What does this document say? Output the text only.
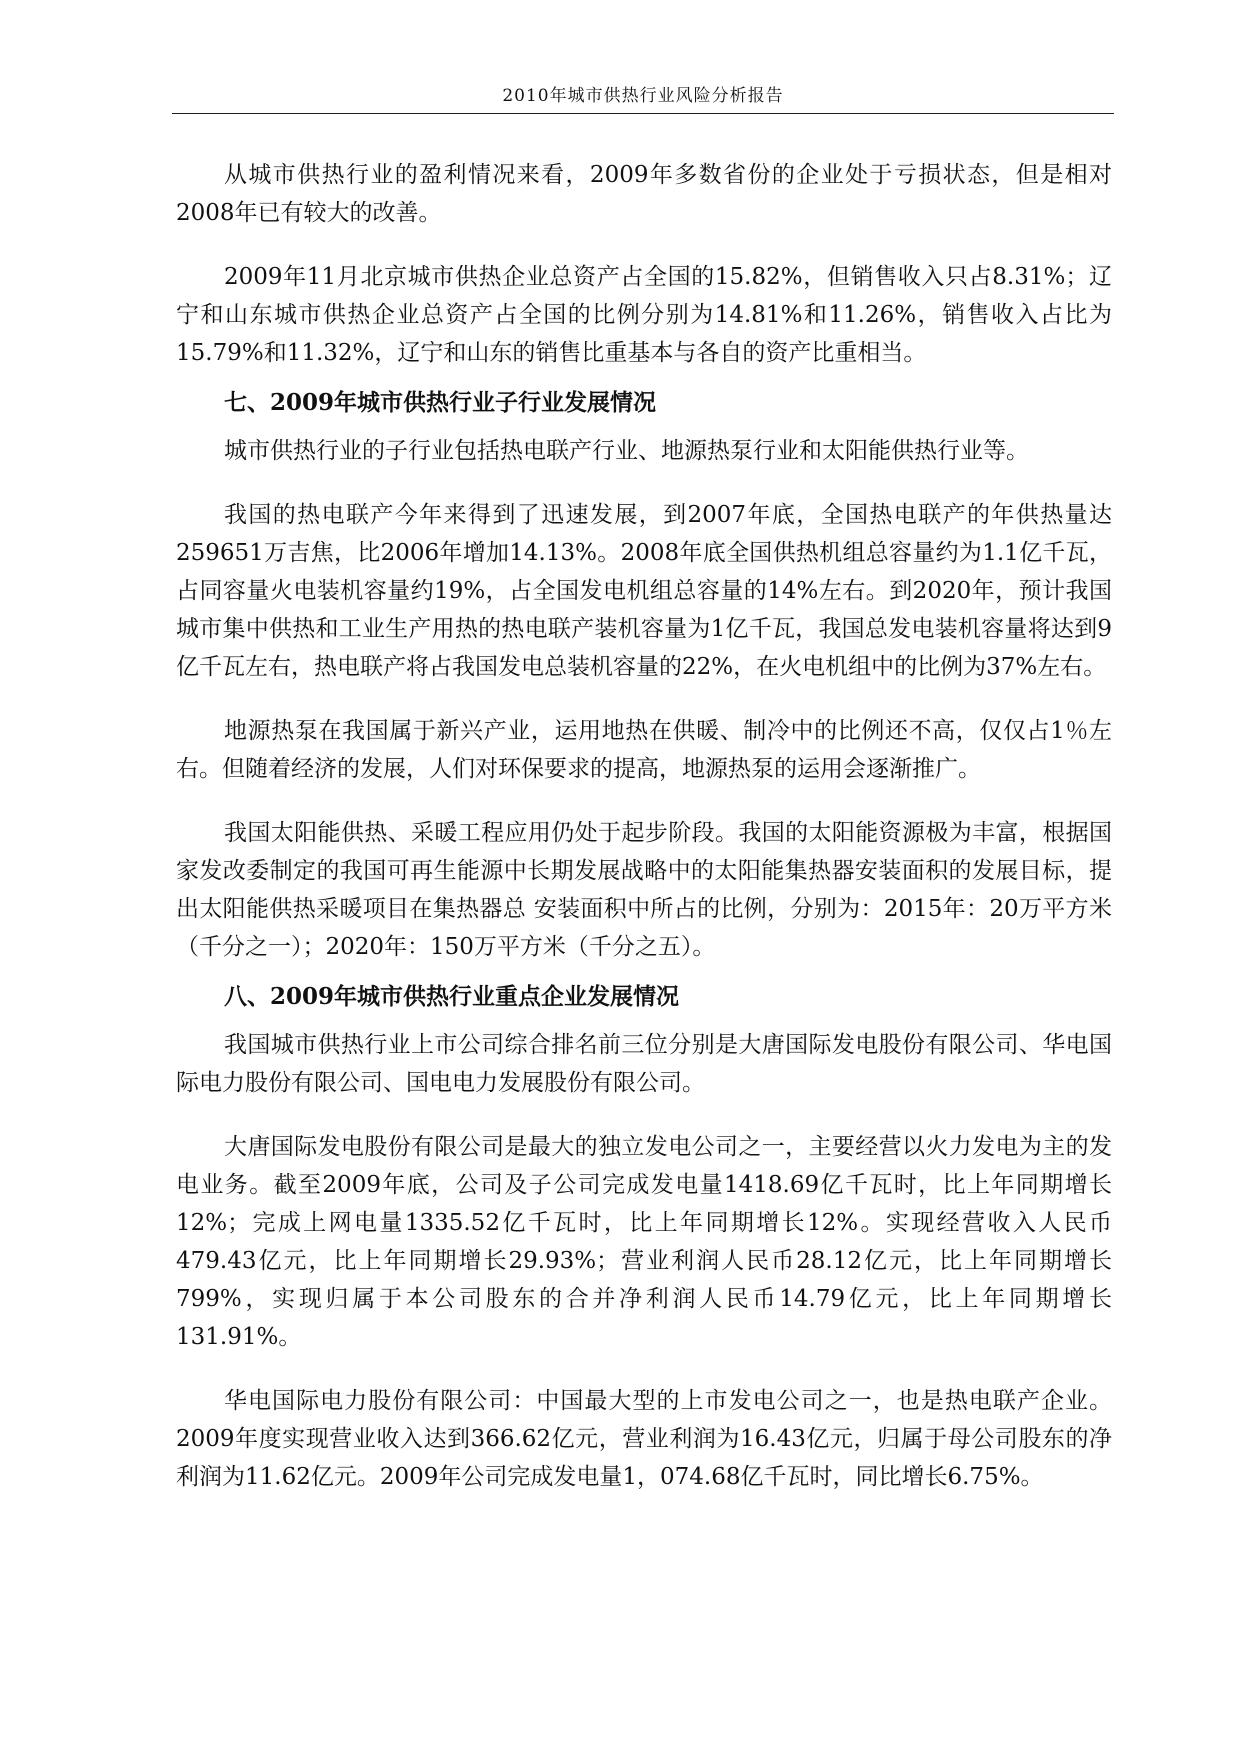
2010年城市供热行业风险分析报告

从城市供热行业的盈利情况来看，2009年多数省份的企业处于亏损状态，但是相对2008年已有较大的改善。

2009年11月北京城市供热企业总资产占全国的15.82%，但销售收入只占8.31%；辽宁和山东城市供热企业总资产占全国的比例分别为14.81%和11.26%，销售收入占比为15.79%和11.32%，辽宁和山东的销售比重基本与各自的资产比重相当。

七、2009年城市供热行业子行业发展情况

城市供热行业的子行业包括热电联产行业、地源热泵行业和太阳能供热行业等。

我国的热电联产今年来得到了迅速发展，到2007年底，全国热电联产的年供热量达259651万吉焦，比2006年增加14.13%。2008年底全国供热机组总容量约为1.1亿千瓦，占同容量火电装机容量约19%，占全国发电机组总容量的14%左右。到2020年，预计我国城市集中供热和工业生产用热的热电联产装机容量为1亿千瓦，我国总发电装机容量将达到9亿千瓦左右，热电联产将占我国发电总装机容量的22%，在火电机组中的比例为37%左右。

地源热泵在我国属于新兴产业，运用地热在供暖、制冷中的比例还不高，仅仅占1％左右。但随着经济的发展，人们对环保要求的提高，地源热泵的运用会逐渐推广。

我国太阳能供热、采暖工程应用仍处于起步阶段。我国的太阳能资源极为丰富，根据国家发改委制定的我国可再生能源中长期发展战略中的太阳能集热器安装面积的发展目标，提出太阳能供热采暖项目在集热器总 安装面积中所占的比例，分别为：2015年：20万平方米（千分之一）；2020年：150万平方米（千分之五）。

八、2009年城市供热行业重点企业发展情况

我国城市供热行业上市公司综合排名前三位分别是大唐国际发电股份有限公司、华电国际电力股份有限公司、国电电力发展股份有限公司。

大唐国际发电股份有限公司是最大的独立发电公司之一，主要经营以火力发电为主的发电业务。截至2009年底，公司及子公司完成发电量1418.69亿千瓦时，比上年同期增长12%；完成上网电量1335.52亿千瓦时，比上年同期增长12%。实现经营收入人民币479.43亿元，比上年同期增长29.93%；营业利润人民币28.12亿元，比上年同期增长799%，实现归属于本公司股东的合并净利润人民币14.79亿元，比上年同期增长131.91%。

华电国际电力股份有限公司：中国最大型的上市发电公司之一，也是热电联产企业。2009年度实现营业收入达到366.62亿元，营业利润为16.43亿元，归属于母公司股东的净利润为11.62亿元。2009年公司完成发电量1，074.68亿千瓦时，同比增长6.75%。
